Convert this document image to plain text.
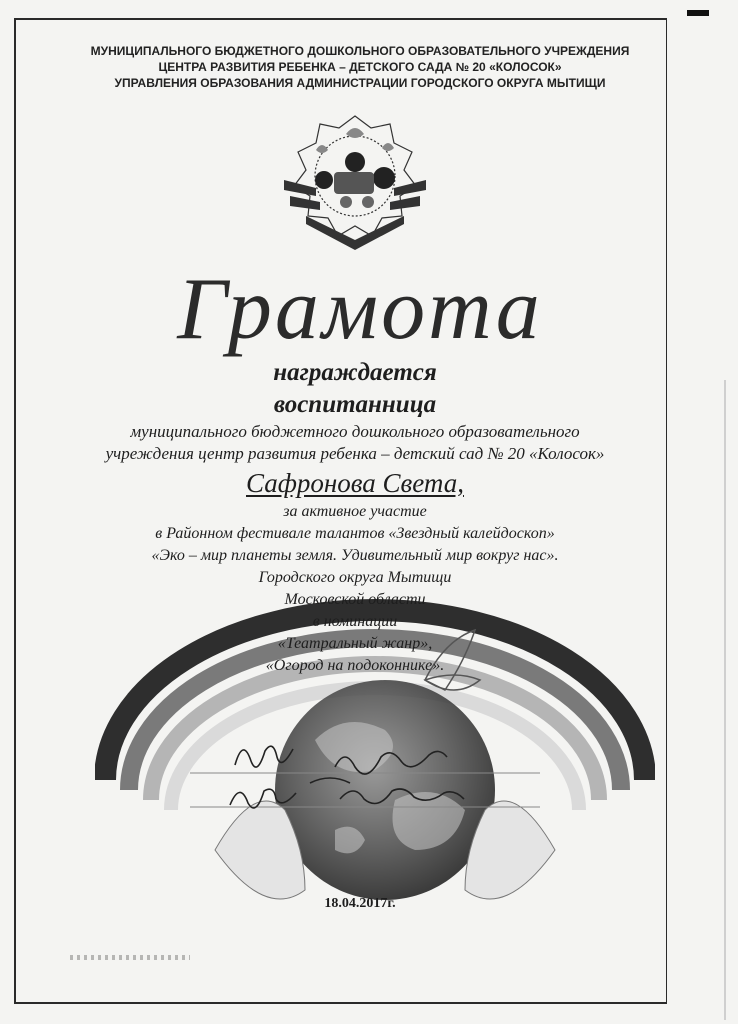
МУНИЦИПАЛЬНОГО БЮДЖЕТНОГО ДОШКОЛЬНОГО ОБРАЗОВАТЕЛЬНОГО УЧРЕЖДЕНИЯ
ЦЕНТРА РАЗВИТИЯ РЕБЕНКА – ДЕТСКОГО САДА № 20 «КОЛОСОК»
УПРАВЛЕНИЯ ОБРАЗОВАНИЯ АДМИНИСТРАЦИИ ГОРОДСКОГО ОКРУГА МЫТИЩИ
Грамота
награждается
воспитанница
муниципального бюджетного дошкольного образовательного
учреждения центр развития ребенка – детский сад № 20 «Колосок»
Сафронова Света,
за активное участие
в Районном фестивале талантов «Звездный калейдоскоп»
«Эко – мир планеты земля. Удивительный мир вокруг нас».
Городского округа Мытищи
Московской области
в номинации
«Театральный жанр»,
«Огород на подоконнике».
18.04.2017г.
